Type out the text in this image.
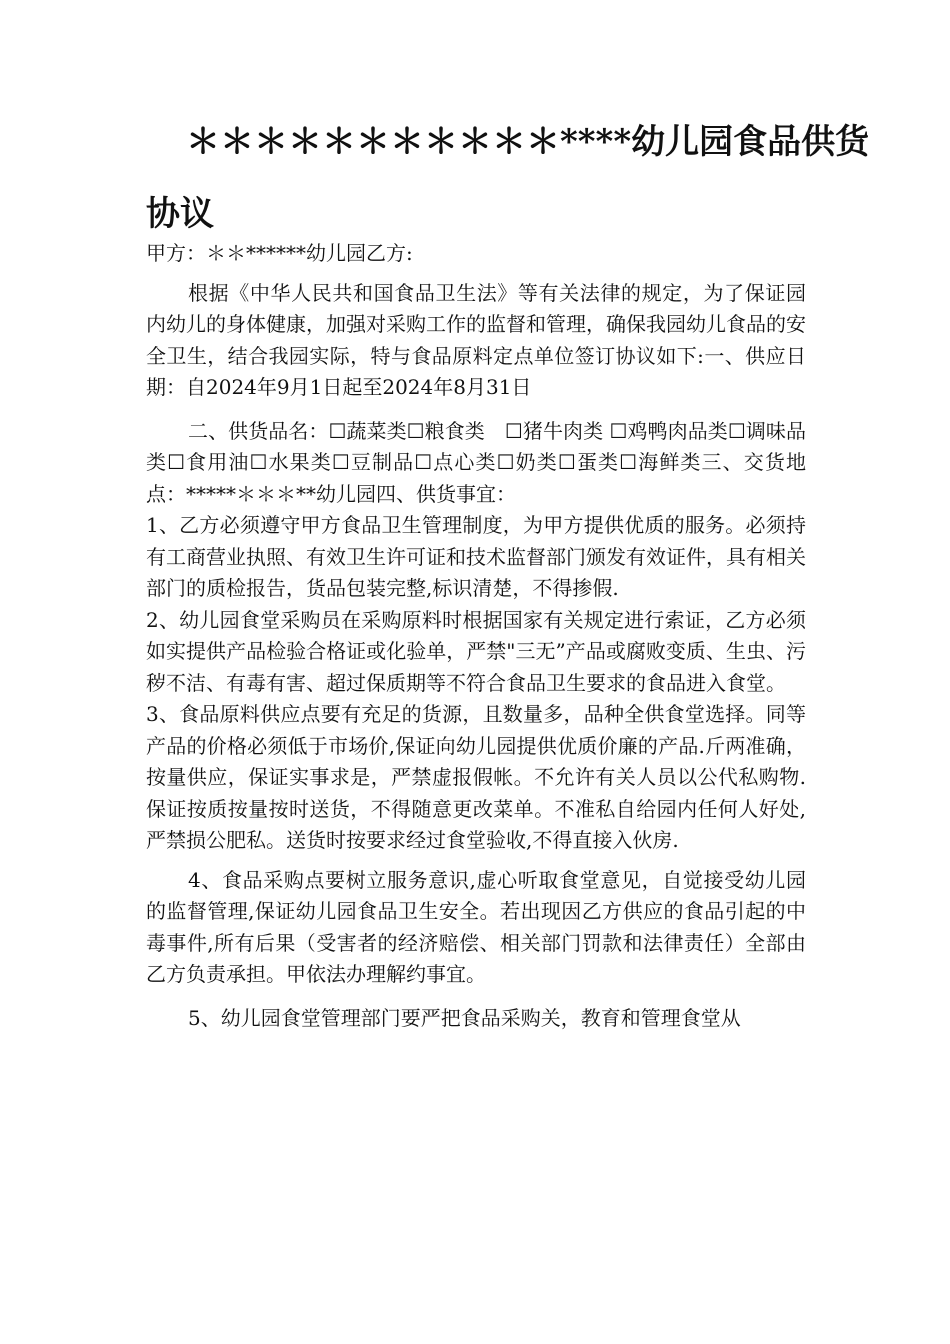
＊＊＊＊＊＊＊＊＊＊＊****幼儿园食品供货
协议

甲方：＊＊******幼儿园乙方:

根据《中华人民共和国食品卫生法》等有关法律的规定，为了保证园内幼儿的身体健康，加强对采购工作的监督和管理，确保我园幼儿食品的安全卫生，结合我园实际，特与食品原料定点单位签订协议如下:一、供应日期：自2024年9月1日起至2024年8月31日

二、供货品名：☐蔬菜类☐粮食类　☐猪牛肉类 ☐鸡鸭肉品类☐调味品类☐食用油☐水果类☐豆制品☐点心类☐奶类☐蛋类☐海鲜类三、交货地点：*****＊＊＊**幼儿园四、供货事宜：

1、乙方必须遵守甲方食品卫生管理制度，为甲方提供优质的服务。必须持有工商营业执照、有效卫生许可证和技术监督部门颁发有效证件，具有相关部门的质检报告，货品包装完整,标识清楚，不得掺假.

2、幼儿园食堂采购员在采购原料时根据国家有关规定进行索证，乙方必须如实提供产品检验合格证或化验单，严禁"三无”产品或腐败变质、生虫、污秽不洁、有毒有害、超过保质期等不符合食品卫生要求的食品进入食堂。

3、食品原料供应点要有充足的货源，且数量多，品种全供食堂选择。同等产品的价格必须低于市场价,保证向幼儿园提供优质价廉的产品.斤两准确，按量供应，保证实事求是，严禁虚报假帐。不允许有关人员以公代私购物.保证按质按量按时送货，不得随意更改菜单。不准私自给园内任何人好处,严禁损公肥私。送货时按要求经过食堂验收,不得直接入伙房.

4、食品采购点要树立服务意识,虚心听取食堂意见，自觉接受幼儿园的监督管理,保证幼儿园食品卫生安全。若出现因乙方供应的食品引起的中毒事件,所有后果（受害者的经济赔偿、相关部门罚款和法律责任）全部由乙方负责承担。甲依法办理解约事宜。

5、幼儿园食堂管理部门要严把食品采购关，教育和管理食堂从
